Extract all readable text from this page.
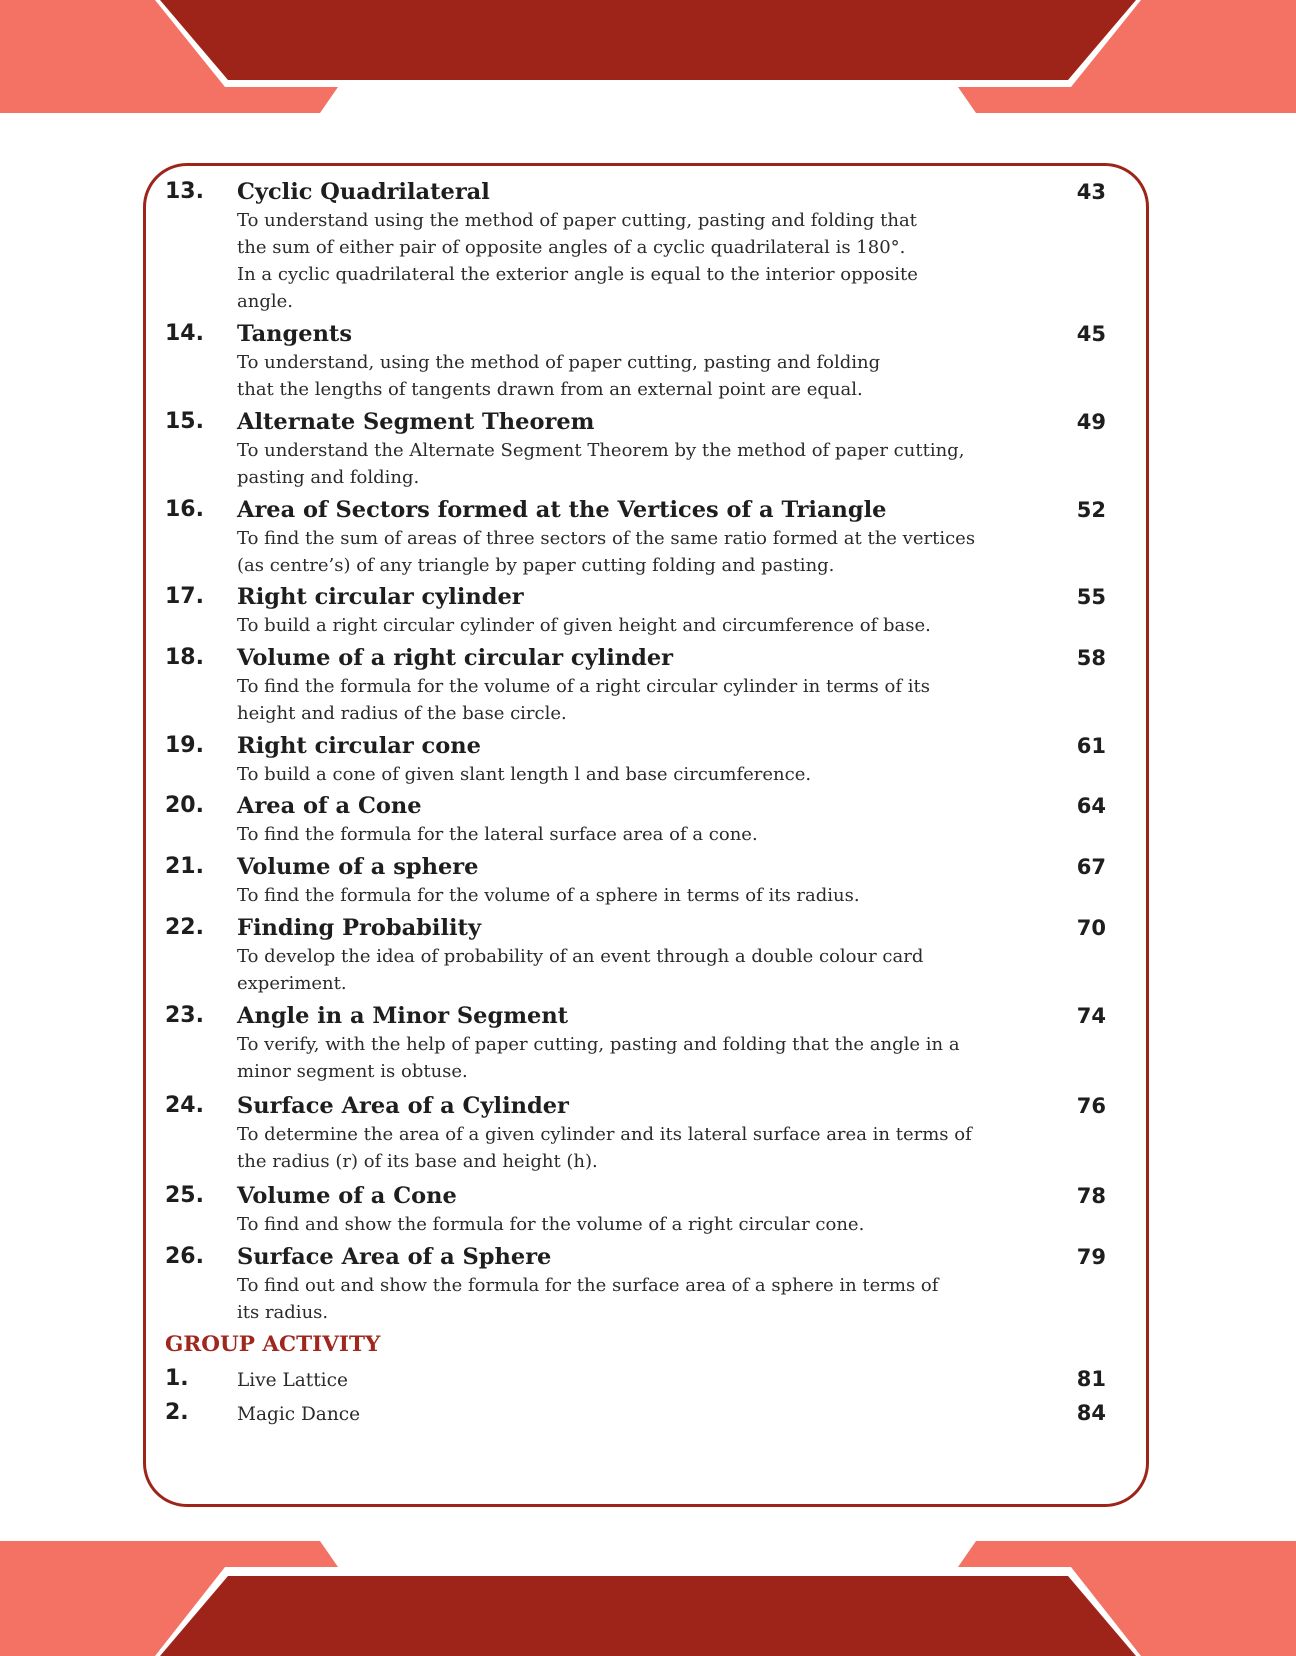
13. Cyclic Quadrilateral	43
To understand using the method of paper cutting, pasting and folding that
the sum of either pair of opposite angles of a cyclic quadrilateral is 180°.
In a cyclic quadrilateral the exterior angle is equal to the interior opposite
angle.
14. Tangents	45
To understand, using the method of paper cutting, pasting and folding
that the lengths of tangents drawn from an external point are equal.
15. Alternate Segment Theorem	49
To understand the Alternate Segment Theorem by the method of paper cutting,
pasting and folding.
16. Area of Sectors formed at the Vertices of a Triangle	52
To find the sum of areas of three sectors of the same ratio formed at the vertices
(as centre’s) of any triangle by paper cutting folding and pasting.
17. Right circular cylinder	55
To build a right circular cylinder of given height and circumference of base.
18. Volume of a right circular cylinder	58
To find the formula for the volume of a right circular cylinder in terms of its
height and radius of the base circle.
19. Right circular cone	61
To build a cone of given slant length l and base circumference.
20. Area of a Cone	64
To find the formula for the lateral surface area of a cone.
21. Volume of a sphere	67
To find the formula for the volume of a sphere in terms of its radius.
22. Finding Probability	70
To develop the idea of probability of an event through a double colour card
experiment.
23. Angle in a Minor Segment	74
To verify, with the help of paper cutting, pasting and folding that the angle in a
minor segment is obtuse.
24. Surface Area of a Cylinder	76
To determine the area of a given cylinder and its lateral surface area in terms of
the radius (r) of its base and height (h).
25. Volume of a Cone	78
To find and show the formula for the volume of a right circular cone.
26. Surface Area of a Sphere	79
To find out and show the formula for the surface area of a sphere in terms of
its radius.
GROUP ACTIVITY
1.	Live Lattice	81
2.	Magic Dance	84
